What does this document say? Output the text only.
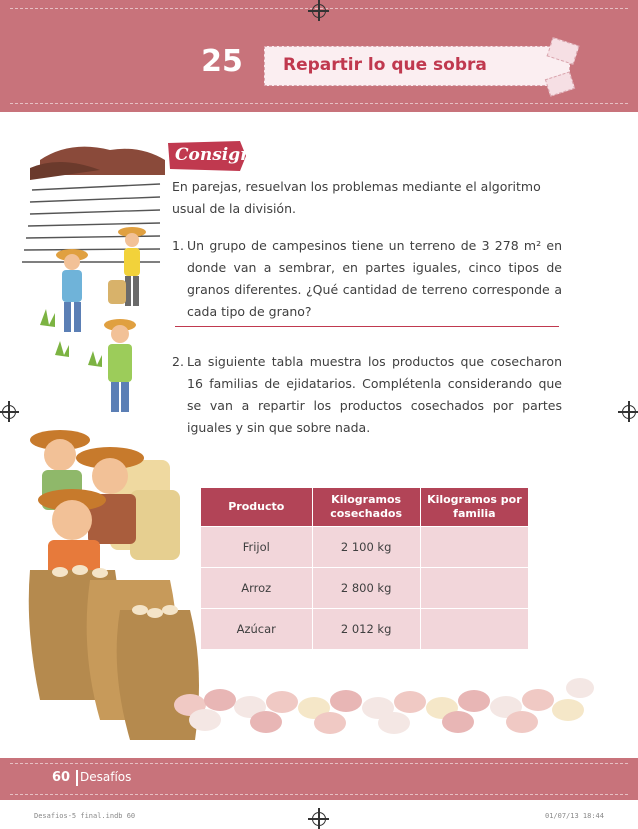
25	Repartir lo que sobra
Consigna
En parejas, resuelvan los problemas mediante el algoritmo usual de la división.
1. Un grupo de campesinos tiene un terreno de 3 278 m² en donde van a sembrar, en partes iguales, cinco tipos de granos diferentes. ¿Qué cantidad de terreno corresponde a cada tipo de grano?
2. La siguiente tabla muestra los productos que cosecharon 16 familias de ejidatarios. Complétenla considerando que se van a repartir los productos cosechados por partes iguales y sin que sobre nada.
Producto	Kilogramos cosechados	Kilogramos por familia
Frijol	2 100 kg	
Arroz	2 800 kg	
Azúcar	2 012 kg	
60 Desafíos
Desafios-5 final.indb 60	01/07/13 18:44
